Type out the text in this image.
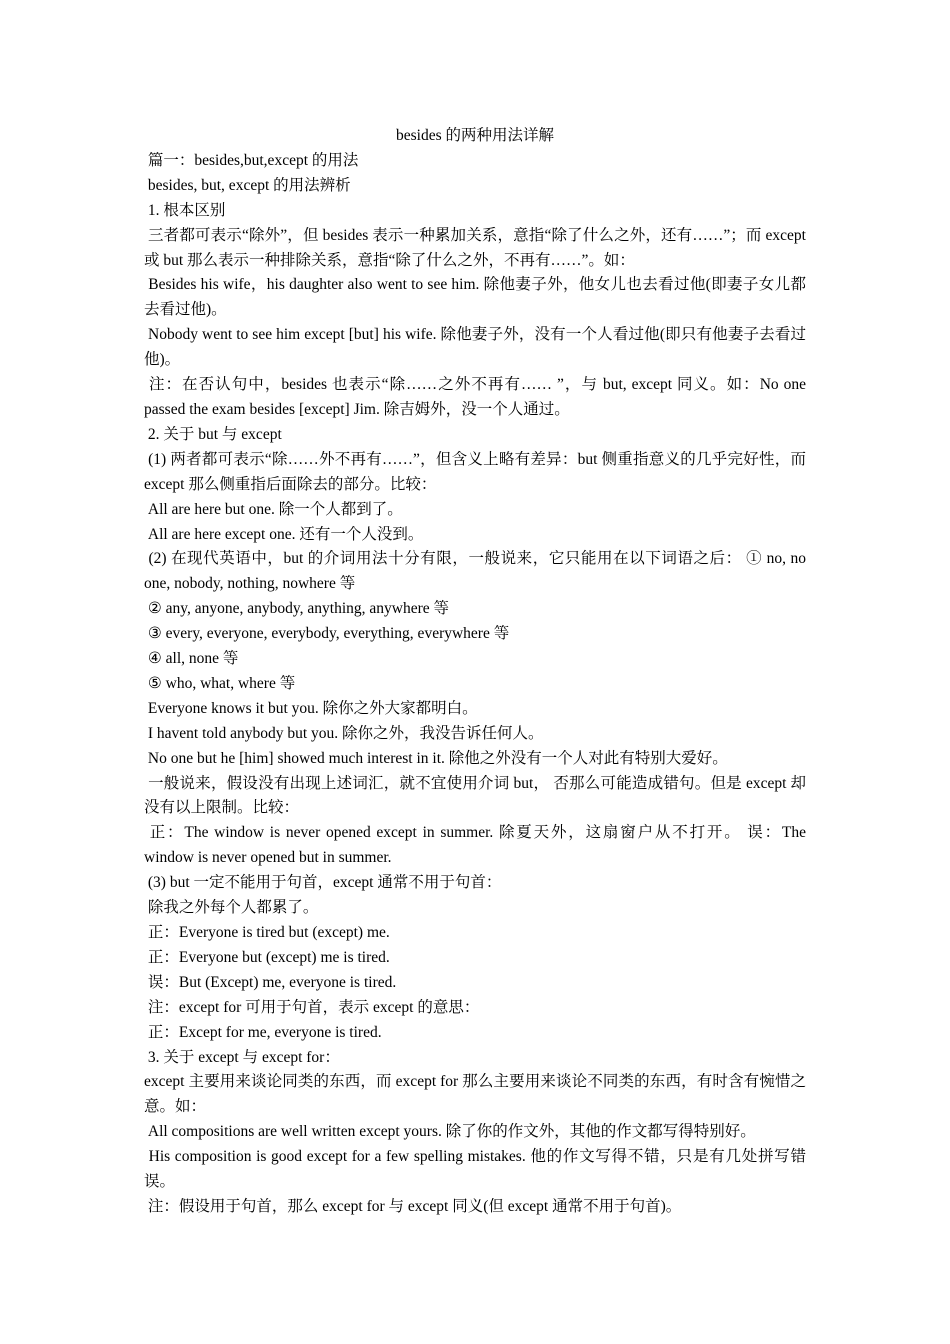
besides 的两种用法详解

篇一：besides,but,except 的用法

besides, but, except 的用法辨析

1. 根本区别

三者都可表示“除外”，但 besides 表示一种累加关系，意指“除了什么之外，还有……”；而 except 或 but 那么表示一种排除关系，意指“除了什么之外，不再有……”。如：

Besides his wife，his daughter also went to see him. 除他妻子外，他女儿也去看过他(即妻子女儿都去看过他)。

Nobody went to see him except [but] his wife. 除他妻子外，没有一个人看过他(即只有他妻子去看过他)。

注：在否认句中，besides 也表示“除……之外不再有…… ”，与 but, except 同义。如：No one passed the exam besides [except] Jim. 除吉姆外，没一个人通过。

2. 关于 but 与 except

(1) 两者都可表示“除……外不再有……”，但含义上略有差异：but 侧重指意义的几乎完好性，而 except 那么侧重指后面除去的部分。比较：

All are here but one. 除一个人都到了。

All are here except one. 还有一个人没到。

(2) 在现代英语中，but 的介词用法十分有限，一般说来，它只能用在以下词语之后： ① no, no one, nobody, nothing, nowhere 等

② any, anyone, anybody, anything, anywhere 等

③ every, everyone, everybody, everything, everywhere 等

④ all, none 等

⑤ who, what, where 等

Everyone knows it but you. 除你之外大家都明白。

I havent told anybody but you. 除你之外，我没告诉任何人。

No one but he [him] showed much interest in it. 除他之外没有一个人对此有特别大爱好。

一般说来，假设没有出现上述词汇，就不宜使用介词 but， 否那么可能造成错句。但是 except 却没有以上限制。比较：

正：The window is never opened except in summer. 除夏天外，这扇窗户从不打开。 误：The window is never opened but in summer.

(3) but 一定不能用于句首，except 通常不用于句首：

除我之外每个人都累了。

正：Everyone is tired but (except) me.

正：Everyone but (except) me is tired.

误：But (Except) me, everyone is tired.

注：except for 可用于句首，表示 except 的意思：

正：Except for me, everyone is tired.

3. 关于 except 与 except for：

except 主要用来谈论同类的东西，而 except for 那么主要用来谈论不同类的东西，有时含有惋惜之意。如：

All compositions are well written except yours. 除了你的作文外，其他的作文都写得特别好。

His composition is good except for a few spelling mistakes. 他的作文写得不错，只是有几处拼写错误。

注：假设用于句首，那么 except for 与 except 同义(但 except 通常不用于句首)。
